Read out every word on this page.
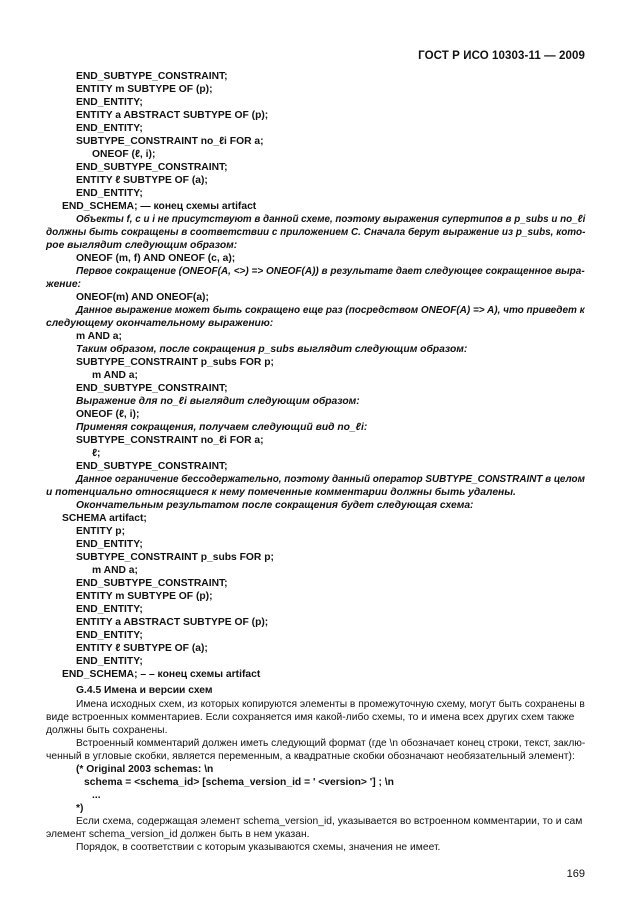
ГОСТ Р ИСО 10303-11 — 2009
END_SUBTYPE_CONSTRAINT;
ENTITY m SUBTYPE OF (p);
END_ENTITY;
ENTITY a ABSTRACT SUBTYPE OF (p);
END_ENTITY;
SUBTYPE_CONSTRAINT no_ℓi FOR a;
ONEOF (ℓ, i);
END_SUBTYPE_CONSTRAINT;
ENTITY ℓ SUBTYPE OF (a);
END_ENTITY;
END_SCHEMA; — конец схемы artifact
Объекты f, c и i не присутствуют в данной схеме, поэтому выражения супертипов в p_subs и no_ℓi
должны быть сокращены в соответствии с приложением С. Сначала берут выражение из p_subs, кото-
рое выглядит следующим образом:
ONEOF (m, f) AND ONEOF (c, a);
Первое сокращение (ONEOF(A, <>) => ONEOF(A)) в результате дает следующее сокращенное выра-
жение:
ONEOF(m) AND ONEOF(a);
Данное выражение может быть сокращено еще раз (посредством ONEOF(A) => A), что приведет к
следующему окончательному выражению:
m AND a;
Таким образом, после сокращения p_subs выглядит следующим образом:
SUBTYPE_CONSTRAINT p_subs FOR p;
m AND a;
END_SUBTYPE_CONSTRAINT;
Выражение для no_ℓi выглядит следующим образом:
ONEOF (ℓ, i);
Применяя сокращения, получаем следующий вид no_ℓi:
SUBTYPE_CONSTRAINT no_ℓi FOR a;
ℓ;
END_SUBTYPE_CONSTRAINT;
Данное ограничение бессодержательно, поэтому данный оператор SUBTYPE_CONSTRAINT в целом
и потенциально относящиеся к нему помеченные комментарии должны быть удалены.
Окончательным результатом после сокращения будет следующая схема:
SCHEMA artifact;
ENTITY p;
END_ENTITY;
SUBTYPE_CONSTRAINT p_subs FOR p;
m AND a;
END_SUBTYPE_CONSTRAINT;
ENTITY m SUBTYPE OF (p);
END_ENTITY;
ENTITY a ABSTRACT SUBTYPE OF (p);
END_ENTITY;
ENTITY ℓ SUBTYPE OF (a);
END_ENTITY;
END_SCHEMA; – – конец схемы artifact
G.4.5 Имена и версии схем
Имена исходных схем, из которых копируются элементы в промежуточную схему, могут быть сохранены в
виде встроенных комментариев. Если сохраняется имя какой-либо схемы, то и имена всех других схем также
должны быть сохранены.
Встроенный комментарий должен иметь следующий формат (где \n обозначает конец строки, текст, заклю-
ченный в угловые скобки, является переменным, а квадратные скобки обозначают необязательный элемент):
(* Original 2003 schemas: \n
schema = <schema_id> [schema_version_id = ' <version> '] ; \n
...
*)
Если схема, содержащая элемент schema_version_id, указывается во встроенном комментарии, то и сам
элемент schema_version_id должен быть в нем указан.
Порядок, в соответствии с которым указываются схемы, значения не имеет.
169
